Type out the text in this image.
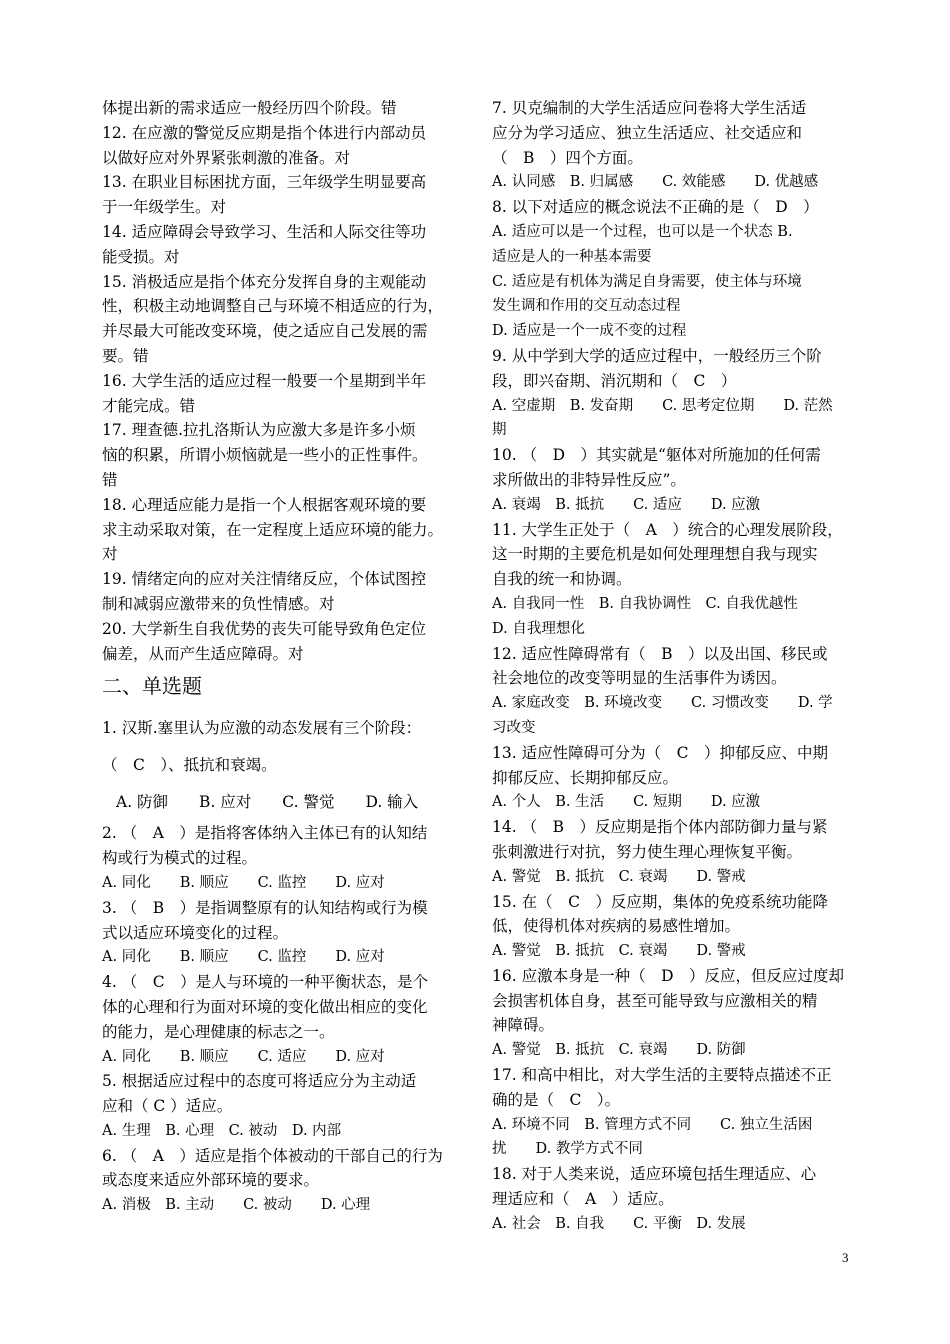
体提出新的需求适应一般经历四个阶段。错
12. 在应激的警觉反应期是指个体进行内部动员
以做好应对外界紧张刺激的准备。对
13. 在职业目标困扰方面，三年级学生明显要高
于一年级学生。对
14. 适应障碍会导致学习、生活和人际交往等功
能受损。对
15. 消极适应是指个体充分发挥自身的主观能动
性，积极主动地调整自己与环境不相适应的行为，
并尽最大可能改变环境，使之适应自己发展的需
要。错
16. 大学生活的适应过程一般要一个星期到半年
才能完成。错
17. 理查德.拉扎洛斯认为应激大多是许多小烦
恼的积累，所谓小烦恼就是一些小的正性事件。
错
18. 心理适应能力是指一个人根据客观环境的要
求主动采取对策，在一定程度上适应环境的能力。
对
19. 情绪定向的应对关注情绪反应，个体试图控
制和减弱应激带来的负性情感。对
20. 大学新生自我优势的丧失可能导致角色定位
偏差，从而产生适应障碍。对
二、单选题
1. 汉斯.塞里认为应激的动态发展有三个阶段：
（　C　）、抵抗和衰竭。
A. 防御　　B. 应对　　C. 警觉　　D. 输入
2. （　A　）是指将客体纳入主体已有的认知结
构或行为模式的过程。
A. 同化　　B. 顺应　　C. 监控　　D. 应对
3. （　B　）是指调整原有的认知结构或行为模
式以适应环境变化的过程。
A. 同化　　B. 顺应　　C. 监控　　D. 应对
4. （　C　）是人与环境的一种平衡状态，是个
体的心理和行为面对环境的变化做出相应的变化
的能力，是心理健康的标志之一。
A. 同化　　B. 顺应　　C. 适应　　D. 应对
5. 根据适应过程中的态度可将适应分为主动适
应和（ C ）适应。
A. 生理　B. 心理　C. 被动　D. 内部
6. （　A　）适应是指个体被动的干部自己的行为
或态度来适应外部环境的要求。
A. 消极　B. 主动　　C. 被动　　D. 心理
7. 贝克编制的大学生活适应问卷将大学生活适
应分为学习适应、独立生活适应、社交适应和
（　B　）四个方面。
A. 认同感　B. 归属感　　C. 效能感　　D. 优越感
8. 以下对适应的概念说法不正确的是（　D　）
A. 适应可以是一个过程，也可以是一个状态 B.
适应是人的一种基本需要
C. 适应是有机体为满足自身需要，使主体与环境
发生调和作用的交互动态过程
D. 适应是一个一成不变的过程
9. 从中学到大学的适应过程中，一般经历三个阶
段，即兴奋期、消沉期和（　C　）
A. 空虚期　B. 发奋期　　C. 思考定位期　　D. 茫然
期
10. （　D　）其实就是“躯体对所施加的任何需
求所做出的非特异性反应”。
A. 衰竭　B. 抵抗　　C. 适应　　D. 应激
11. 大学生正处于（　A　）统合的心理发展阶段，
这一时期的主要危机是如何处理理想自我与现实
自我的统一和协调。
A. 自我同一性　B. 自我协调性　C. 自我优越性
D. 自我理想化
12. 适应性障碍常有（　B　）以及出国、移民或
社会地位的改变等明显的生活事件为诱因。
A. 家庭改变　B. 环境改变　　C. 习惯改变　　D. 学
习改变
13. 适应性障碍可分为（　C　）抑郁反应、中期
抑郁反应、长期抑郁反应。
A. 个人　B. 生活　　C. 短期　　D. 应激
14. （　B　）反应期是指个体内部防御力量与紧
张刺激进行对抗，努力使生理心理恢复平衡。
A. 警觉　B. 抵抗　C. 衰竭　　D. 警戒
15. 在（　C　）反应期，集体的免疫系统功能降
低，使得机体对疾病的易感性增加。
A. 警觉　B. 抵抗　C. 衰竭　　D. 警戒
16. 应激本身是一种（　D　）反应，但反应过度却
会损害机体自身，甚至可能导致与应激相关的精
神障碍。
A. 警觉　B. 抵抗　C. 衰竭　　D. 防御
17. 和高中相比，对大学生活的主要特点描述不正
确的是（　C　）。
A. 环境不同　B. 管理方式不同　　C. 独立生活困
扰　　D. 教学方式不同
18. 对于人类来说，适应环境包括生理适应、心
理适应和（　A　）适应。
A. 社会　B. 自我　　C. 平衡　D. 发展
3
